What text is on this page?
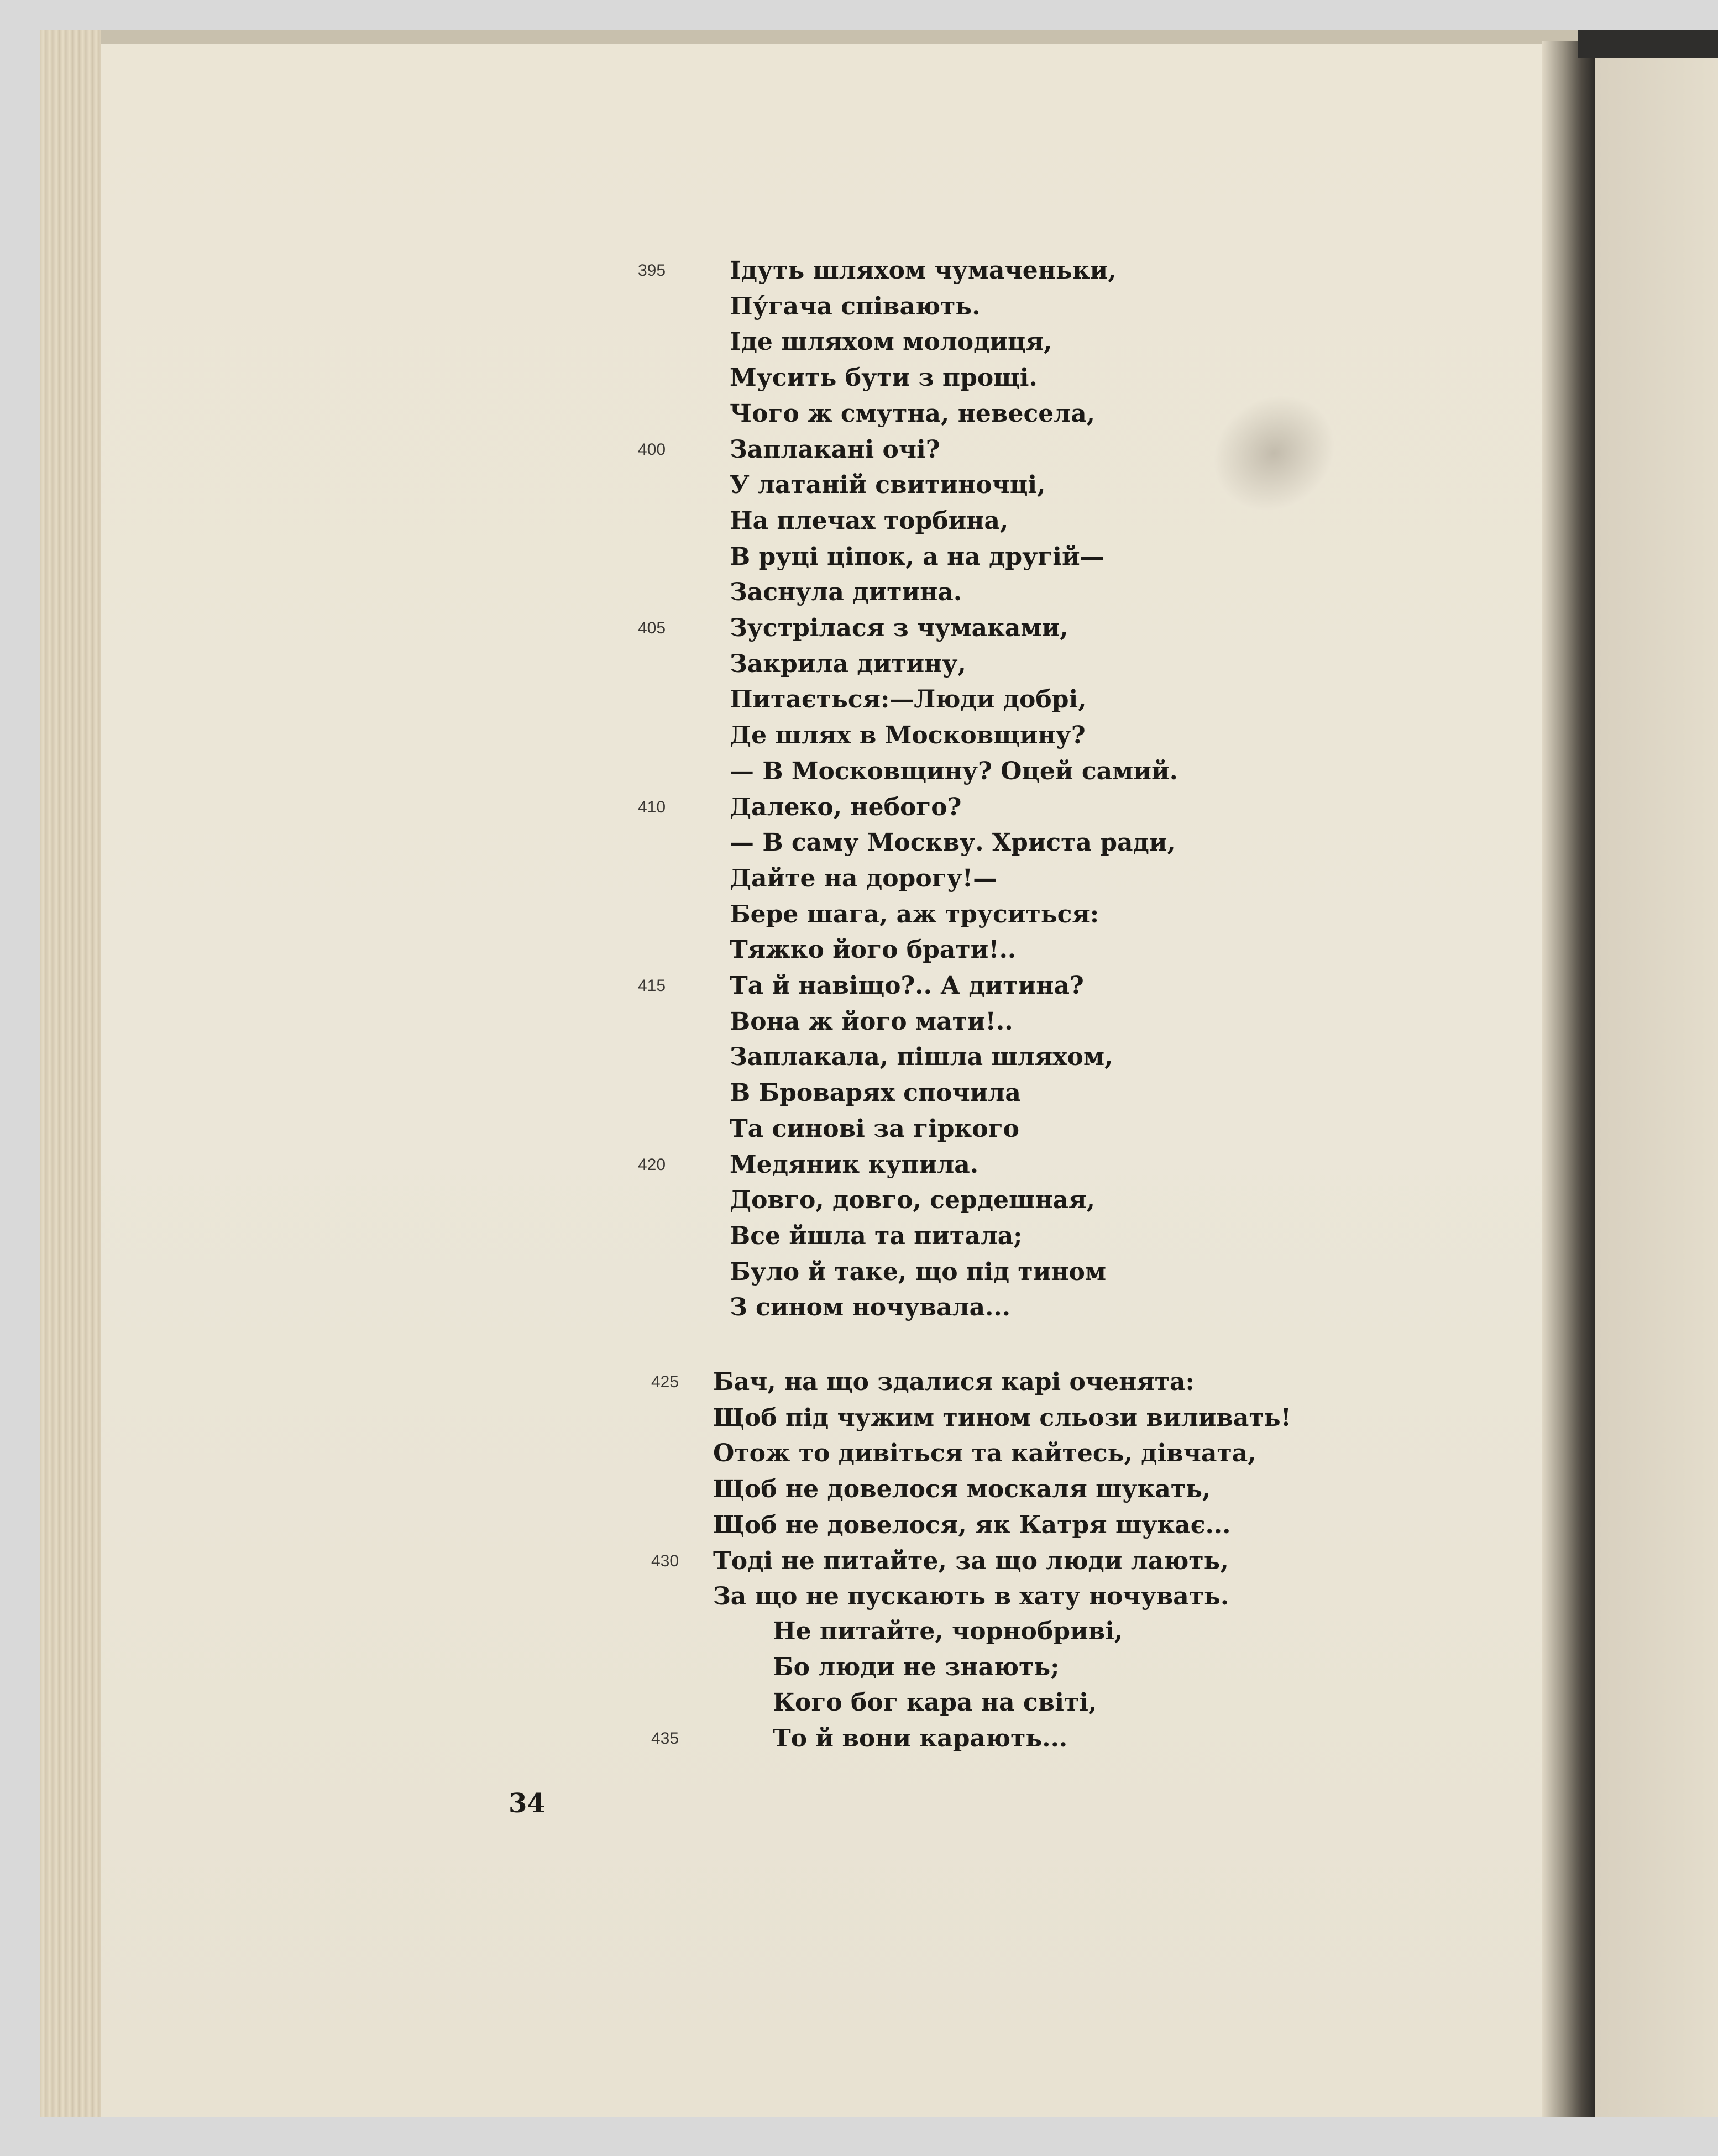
Ідуть шляхом чумаченьки,
395
Пу́гача співають.
Іде шляхом молодиця,
Мусить бути з прощі.
Чого ж смутна, невесела,
Заплакані очі?
400
У латаній свитиночці,
На плечах торбина,
В руці ціпок, а на другій—
Заснула дитина.
Зустрілася з чумаками,
405
Закрила дитину,
Питається:—Люди добрі,
Де шлях в Московщину?
— В Московщину? Оцей самий.
Далеко, небого?
410
— В саму Москву. Христа ради,
Дайте на дорогу!—
Бере шага, аж труситься:
Тяжко його брати!..
Та й навіщо?.. А дитина?
415
Вона ж його мати!..
Заплакала, пішла шляхом,
В Броварях спочила
Та синові за гіркого
Медяник купила.
420
Довго, довго, сердешная,
Все йшла та питала;
Було й таке, що під тином
З сином ночувала...
Бач, на що здалися карі оченята:
425
Щоб під чужим тином сльози виливать!
Отож то дивіться та кайтесь, дівчата,
Щоб не довелося москаля шукать,
Щоб не довелося, як Катря шукає...
Тоді не питайте, за що люди лають,
430
За що не пускають в хату ночувать.
Не питайте, чорнобриві,
Бо люди не знають;
Кого бог кара на світі,
То й вони карають...
435
34
